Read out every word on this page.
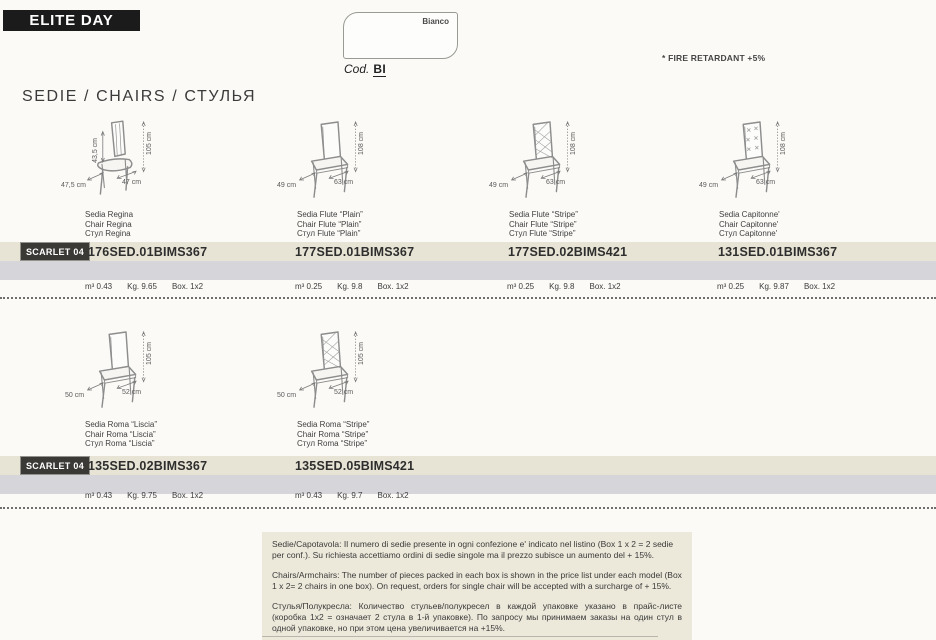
ELITE DAY	Bianco
Cod. BI
* FIRE RETARDANT +5%
SEDIE / CHAIRS / СТУЛЬЯ
105 cm
43,5 cm
47,5 cm	47 cm
Sedia Regina
Chair Regina
Стул Regina
108 cm
49 cm	63 cm
Sedia Flute “Plain”
Chair Flute “Plain”
Стул Flute “Plain”
108 cm
49 cm	63 cm
Sedia Flute “Stripe”
Chair Flute “Stripe”
Стул Flute “Stripe”
108 cm
49 cm	63 cm
Sedia Capitonne'
Chair Capitonne'
Стул Capitonne'
SCARLET 04 176SED.01BIMS367	177SED.01BIMS367	177SED.02BIMS421	131SED.01BIMS367
m³ 0.43 Kg. 9.65 Box. 1x2	m³ 0.25 Kg. 9.8 Box. 1x2	m³ 0.25 Kg. 9.8 Box. 1x2	m³ 0.25 Kg. 9.87 Box. 1x2
105 cm
50 cm	52 cm
Sedia Roma “Liscia”
Chair Roma “Liscia”
Стул Roma “Liscia”
105 cm
50 cm	52 cm
Sedia Roma “Stripe”
Chair Roma “Stripe”
Стул Roma “Stripe”
SCARLET 04 135SED.02BIMS367	135SED.05BIMS421
m³ 0.43 Kg. 9.75 Box. 1x2	m³ 0.43 Kg. 9.7 Box. 1x2

Sedie/Capotavola: Il numero di sedie presente in ogni confezione e' indicato nel listino (Box 1 x 2 = 2 sedie per conf.). Su richiesta accettiamo ordini di sedie singole ma il prezzo subisce un aumento del + 15%.

Chairs/Armchairs: The number of pieces packed in each box is shown in the price list under each model (Box 1 x 2= 2 chairs in one box). On request, orders for single chair will be accepted with a surcharge of + 15%.

Стулья/Полукресла: Количество стульев/полукресел в каждой упаковке указано в прайс-листе (коробка 1х2 = означает 2 стула в 1-й упаковке). По запросу мы принимаем заказы на один стул в одной упаковке, но при этом цена увеличивается на +15%.
